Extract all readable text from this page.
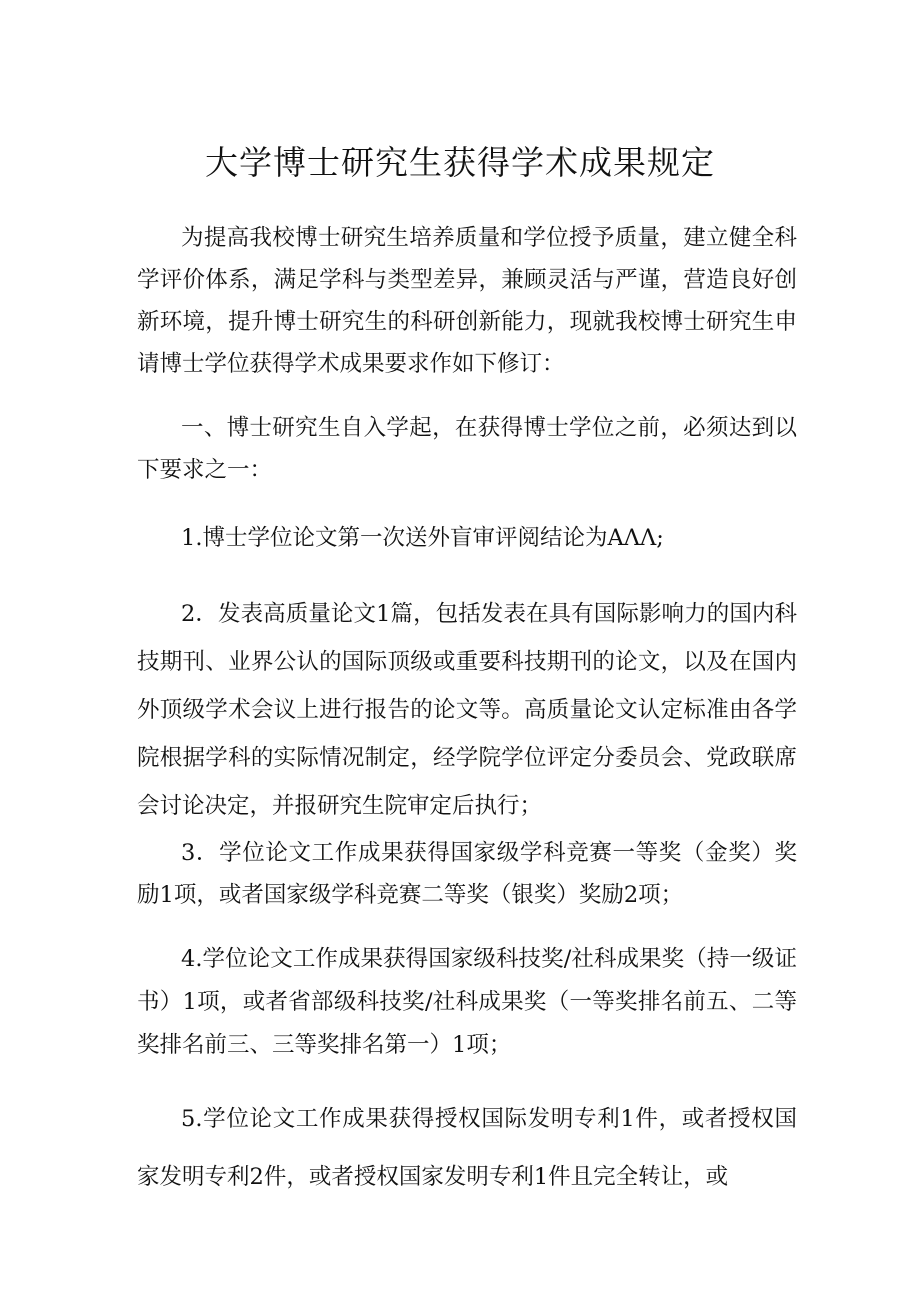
大学博士研究生获得学术成果规定

为提高我校博士研究生培养质量和学位授予质量，建立健全科学评价体系，满足学科与类型差异，兼顾灵活与严谨，营造良好创新环境，提升博士研究生的科研创新能力，现就我校博士研究生申请博士学位获得学术成果要求作如下修订：

一、博士研究生自入学起，在获得博士学位之前，必须达到以下要求之一：

1.博士学位论文第一次送外盲审评阅结论为AΛΛ;

2．发表高质量论文1篇，包括发表在具有国际影响力的国内科技期刊、业界公认的国际顶级或重要科技期刊的论文，以及在国内外顶级学术会议上进行报告的论文等。高质量论文认定标准由各学院根据学科的实际情况制定，经学院学位评定分委员会、党政联席会讨论决定，并报研究生院审定后执行；

3．学位论文工作成果获得国家级学科竞赛一等奖（金奖）奖励1项，或者国家级学科竞赛二等奖（银奖）奖励2项；

4.学位论文工作成果获得国家级科技奖/社科成果奖（持一级证书）1项，或者省部级科技奖/社科成果奖（一等奖排名前五、二等奖排名前三、三等奖排名第一）1项；

5.学位论文工作成果获得授权国际发明专利1件，或者授权国家发明专利2件，或者授权国家发明专利1件且完全转让，或
